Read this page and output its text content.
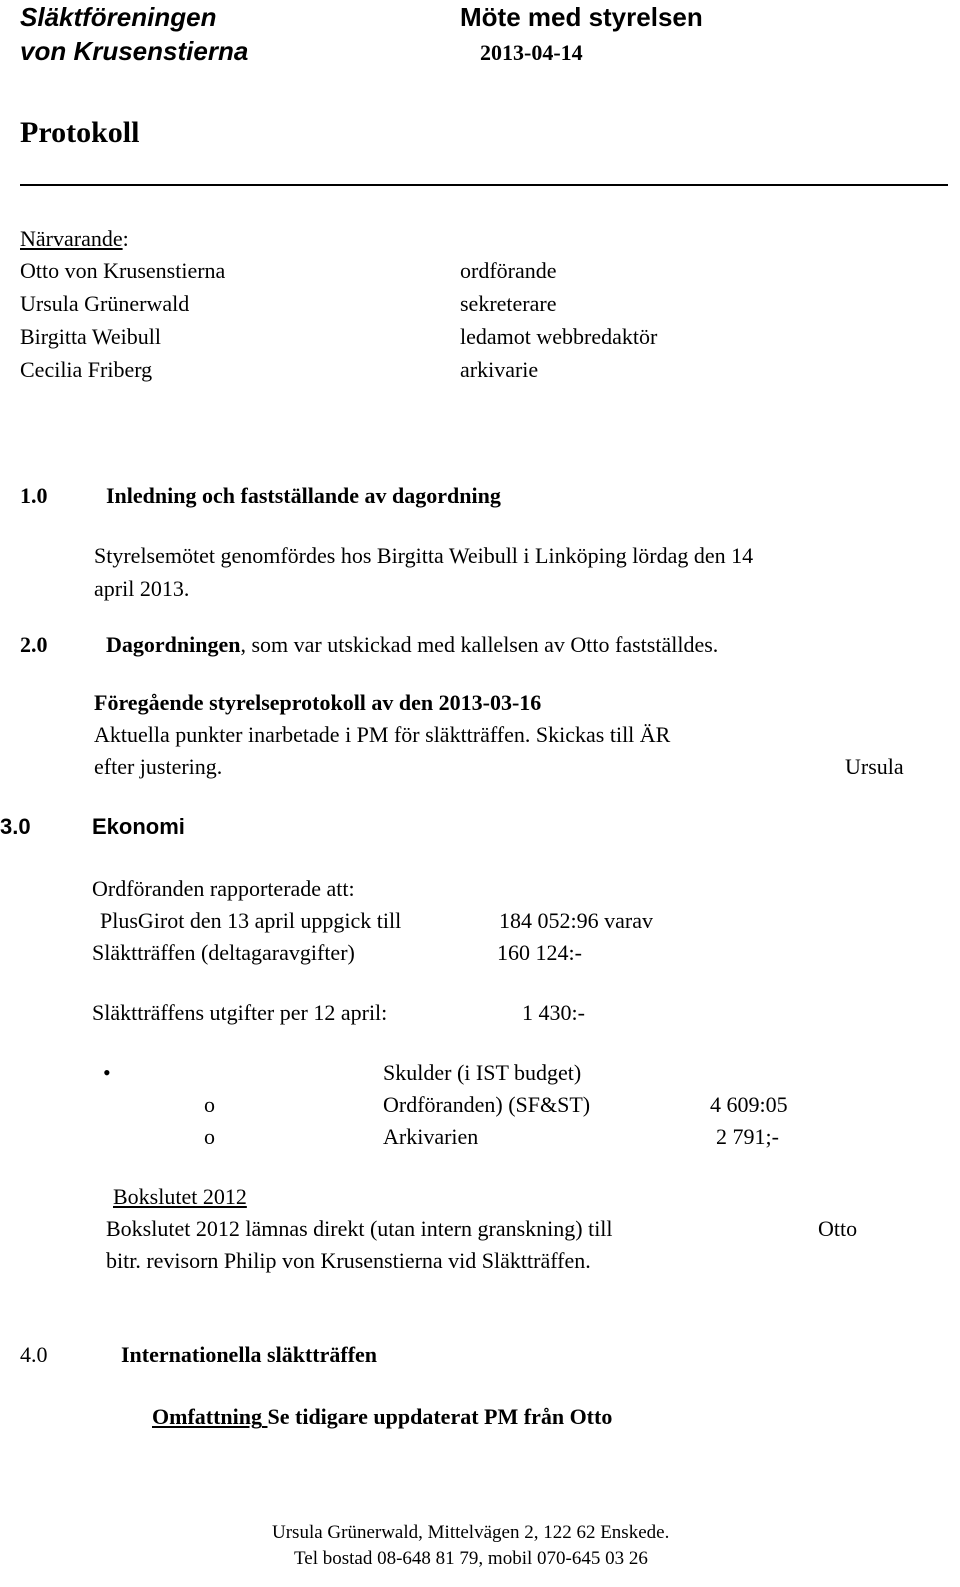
Släktföreningen
von Krusenstierna
Möte med styrelsen
2013-04-14
Protokoll
Närvarande:
Otto von Krusenstierna	ordförande
Ursula Grünerwald	sekreterare
Birgitta Weibull	ledamot webbredaktör
Cecilia Friberg	arkivarie
1.0	Inledning och fastställande av dagordning
Styrelsemötet genomfördes hos Birgitta Weibull i Linköping lördag den 14
april 2013.
2.0	Dagordningen, som var utskickad med kallelsen av Otto fastställdes.
Föregående styrelseprotokoll av den 2013-03-16
Aktuella punkter inarbetade i PM för släktträffen. Skickas till ÄR
efter justering.	Ursula
3.0	Ekonomi
Ordföranden rapporterade att:
PlusGirot den 13 april uppgick till	184 052:96 varav
Släktträffen (deltagaravgifter)	160 124:-
Släktträffens utgifter per 12 april:	1 430:-
•	Skulder (i IST budget)
o	Ordföranden) (SF&ST)	4 609:05
o	Arkivarien	2 791;-
Bokslutet 2012
Bokslutet 2012 lämnas direkt (utan intern granskning) till	Otto
bitr. revisorn Philip von Krusenstierna vid Släktträffen.
4.0	Internationella släktträffen
Omfattning Se tidigare uppdaterat PM från Otto
Ursula Grünerwald, Mittelvägen 2, 122 62 Enskede.
Tel bostad 08-648 81 79, mobil 070-645 03 26
